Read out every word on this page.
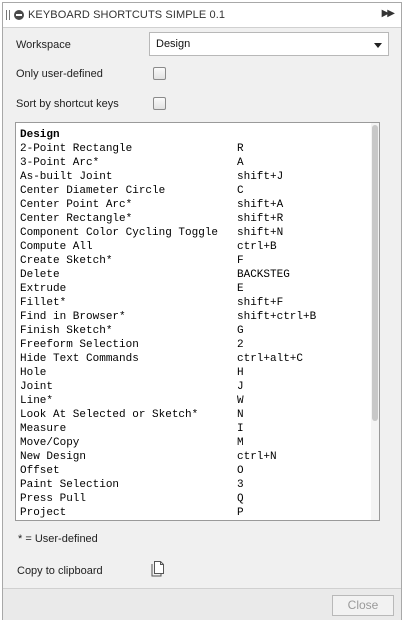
KEYBOARD SHORTCUTS SIMPLE 0.1	▶▶
Workspace	Design
Only user-defined
Sort by shortcut keys
Design
2-Point Rectangle	R
3-Point Arc*	A
As-built Joint	shift+J
Center Diameter Circle	C
Center Point Arc*	shift+A
Center Rectangle*	shift+R
Component Color Cycling Toggle shift+N
Compute All	ctrl+B
Create Sketch*	F
Delete	BACKSTEG
Extrude	E
Fillet*	shift+F
Find in Browser*	shift+ctrl+B
Finish Sketch*	G
Freeform Selection	2
Hide Text Commands	ctrl+alt+C
Hole	H
Joint	J
Line*	W
Look At Selected or Sketch*	N
Measure	I
Move/Copy	M
New Design	ctrl+N
Offset	O
Paint Selection	3
Press Pull	Q
Project	P
* = User-defined
Copy to clipboard
Close
